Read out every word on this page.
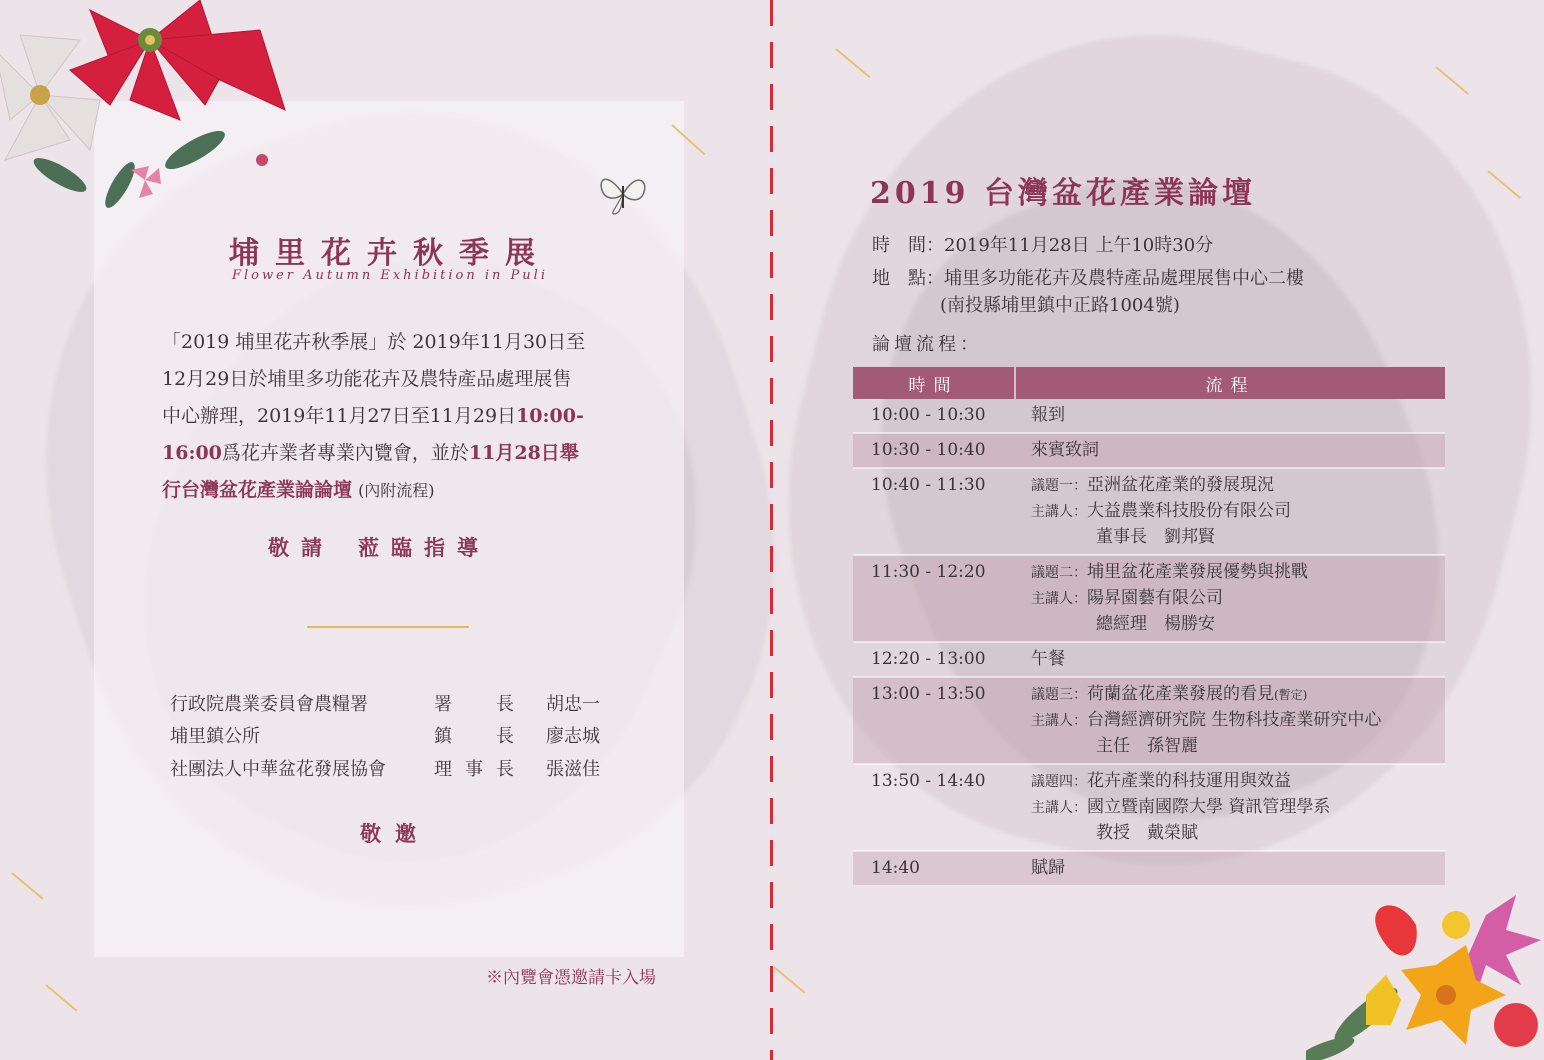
埔里花卉秋季展
Flower Autumn Exhibition in Puli
「2019 埔里花卉秋季展」於 2019年11月30日至
12月29日於埔里多功能花卉及農特產品處理展售
中心辦理，2019年11月27日至11月29日10:00-
16:00爲花卉業者專業內覽會，並於11月28日舉
行台灣盆花產業論論壇 (內附流程)
敬請 蒞臨指導
行政院農業委員會農糧署	署長 胡忠一
埔里鎮公所	鎮長 廖志城
社團法人中華盆花發展協會	理事長 張滋佳
敬邀
※內覽會憑邀請卡入場
2019 台灣盆花產業論壇
時　間：2019年11月28日 上午10時30分
地　點：埔里多功能花卉及農特產品處理展售中心二樓
(南投縣埔里鎮中正路1004號)
論壇流程：
時間	流程
10:00 - 10:30	報到
10:30 - 10:40	來賓致詞
10:40 - 11:30	議題一：亞洲盆花產業的發展現況
主講人：大益農業科技股份有限公司
董事長　劉邦賢

11:30 - 12:20	議題二：埔里盆花產業發展優勢與挑戰
主講人：陽昇園藝有限公司
總經理　楊勝安

12:20 - 13:00	午餐
13:00 - 13:50	議題三：荷蘭盆花產業發展的看見(暫定)
主講人：台灣經濟研究院 生物科技產業研究中心
主任　孫智麗

13:50 - 14:40	議題四：花卉產業的科技運用與效益
主講人：國立暨南國際大學 資訊管理學系
教授　戴榮賦

14:40	賦歸
